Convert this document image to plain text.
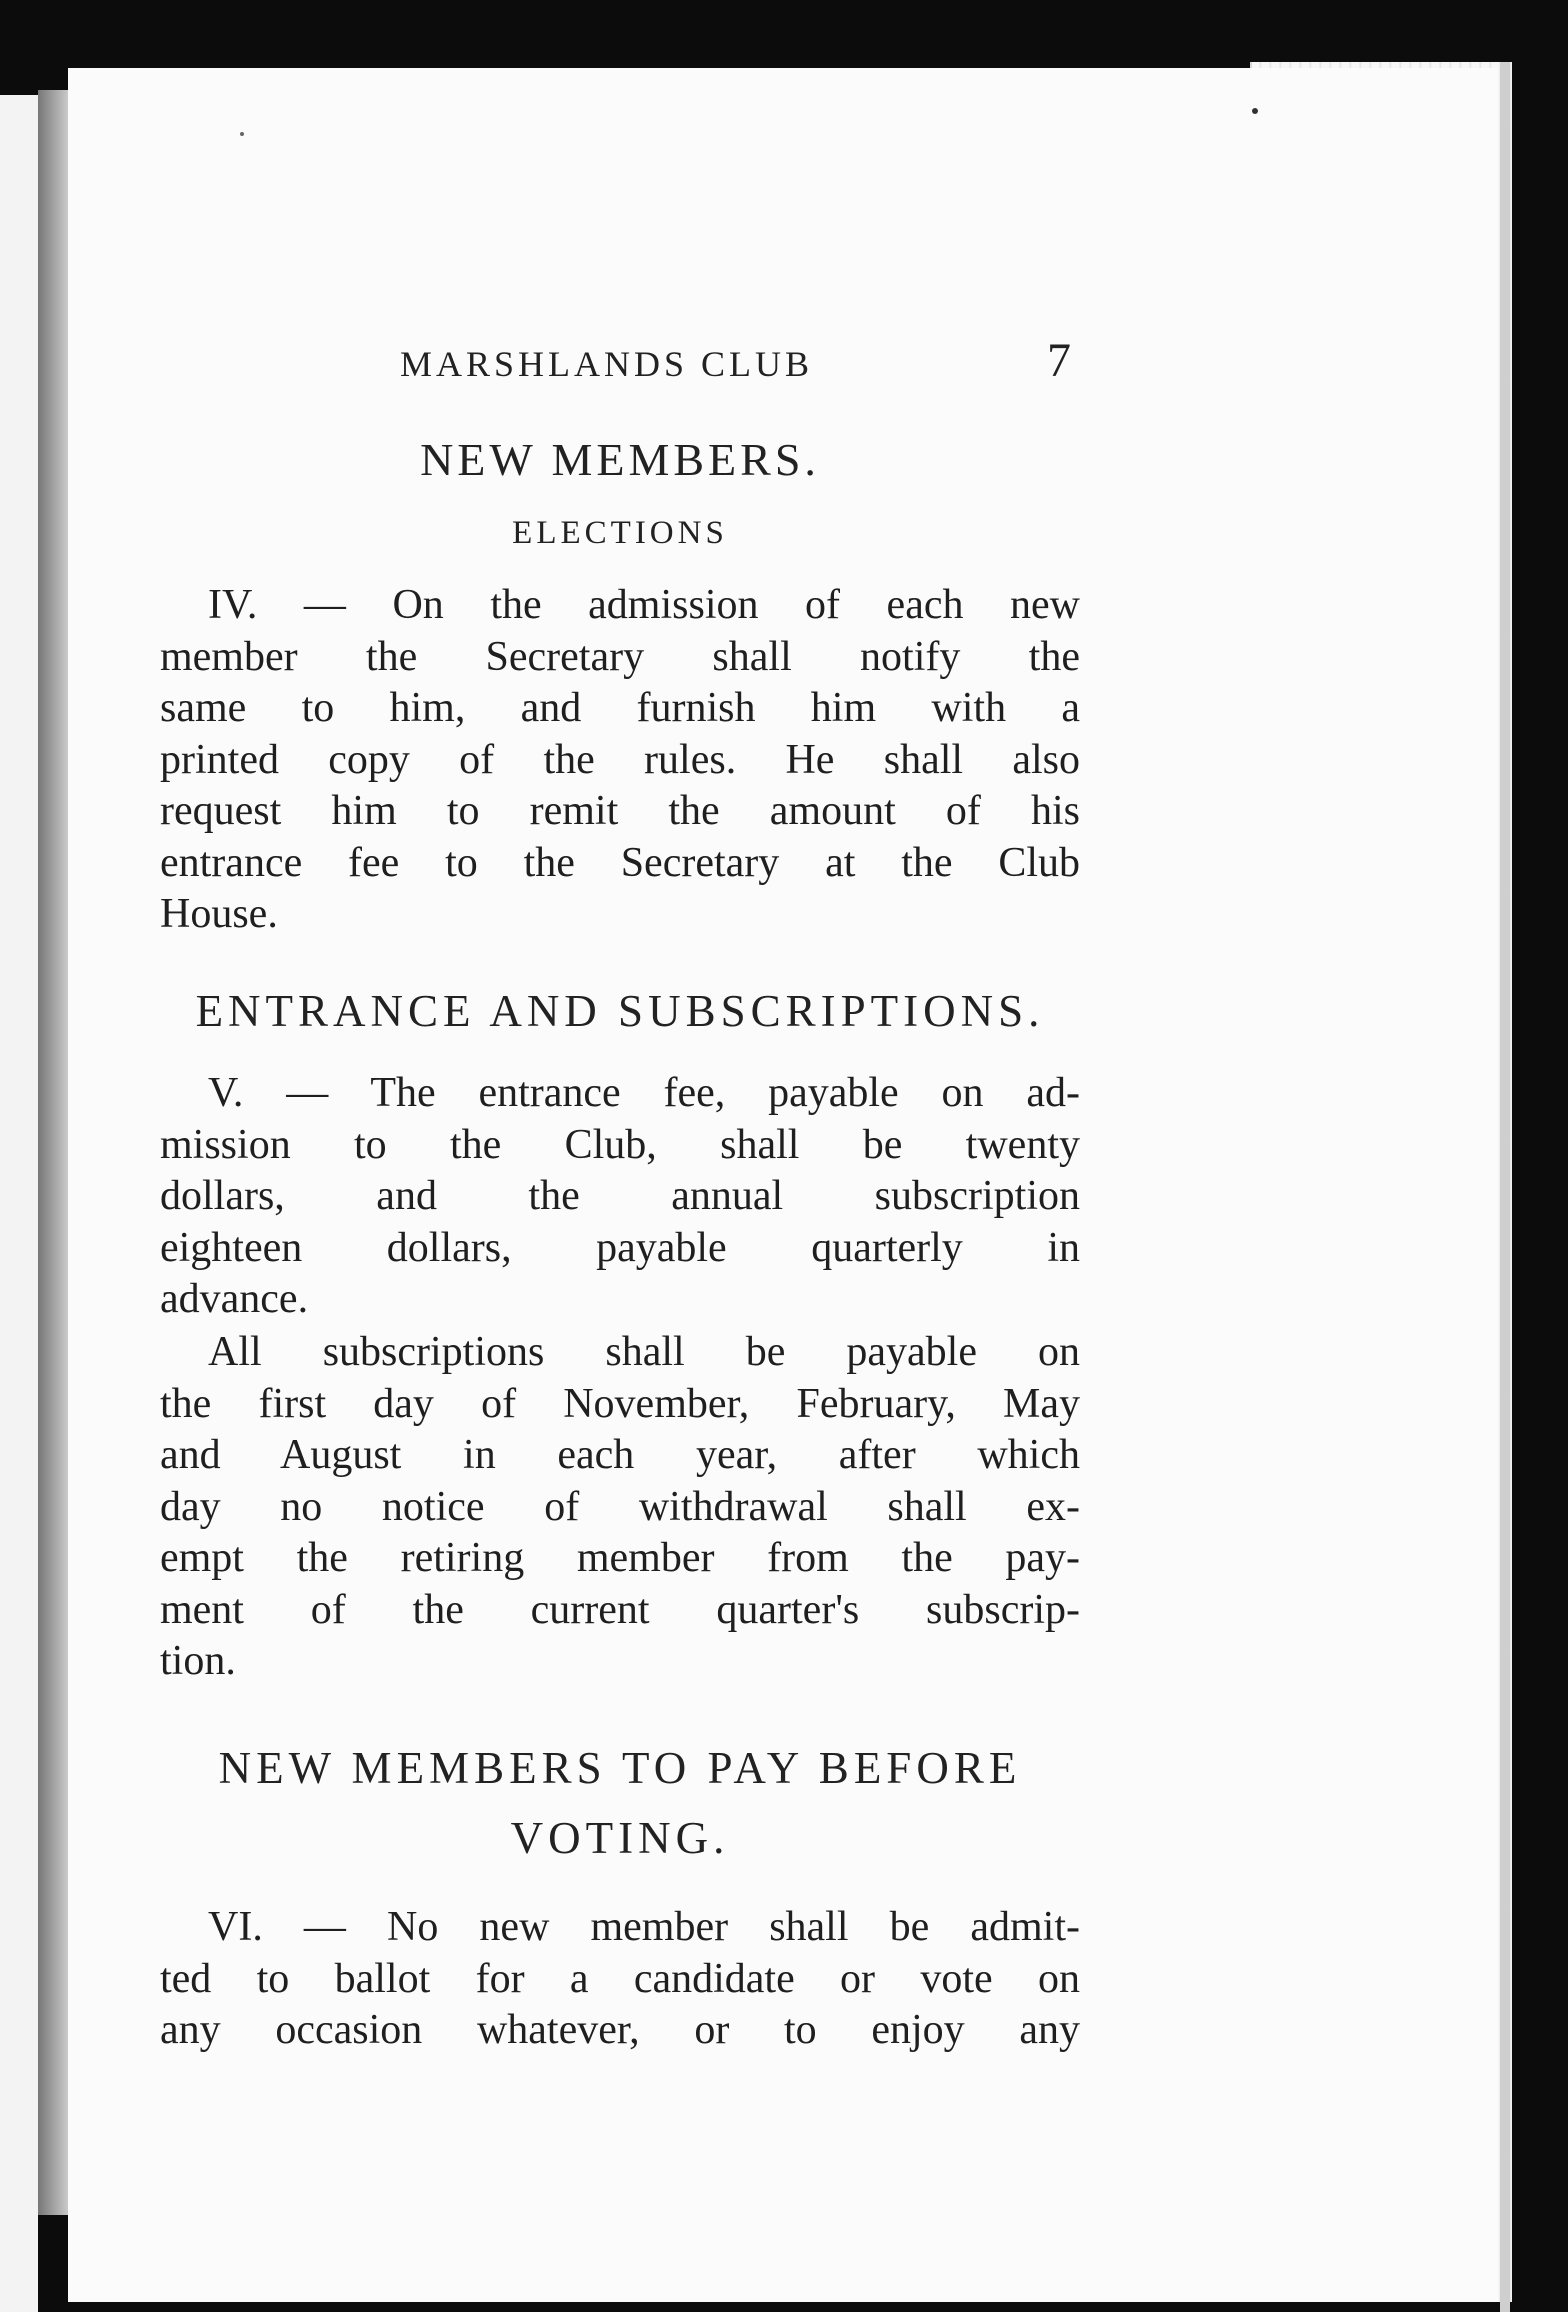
MARSHLANDS CLUB	7
NEW MEMBERS.
ELECTIONS
IV. — On the admission of each new
member the Secretary shall notify the
same to him, and furnish him with a
printed copy of the rules. He shall also
request him to remit the amount of his
entrance fee to the Secretary at the Club
House.
ENTRANCE AND SUBSCRIPTIONS.
V. — The entrance fee, payable on ad-
mission to the Club, shall be twenty
dollars, and the annual subscription
eighteen dollars, payable quarterly in
advance.
All subscriptions shall be payable on
the first day of November, February, May
and August in each year, after which
day no notice of withdrawal shall ex-
empt the retiring member from the pay-
ment of the current quarter's subscrip-
tion.
NEW MEMBERS TO PAY BEFORE
VOTING.
VI. — No new member shall be admit-
ted to ballot for a candidate or vote on
any occasion whatever, or to enjoy any
